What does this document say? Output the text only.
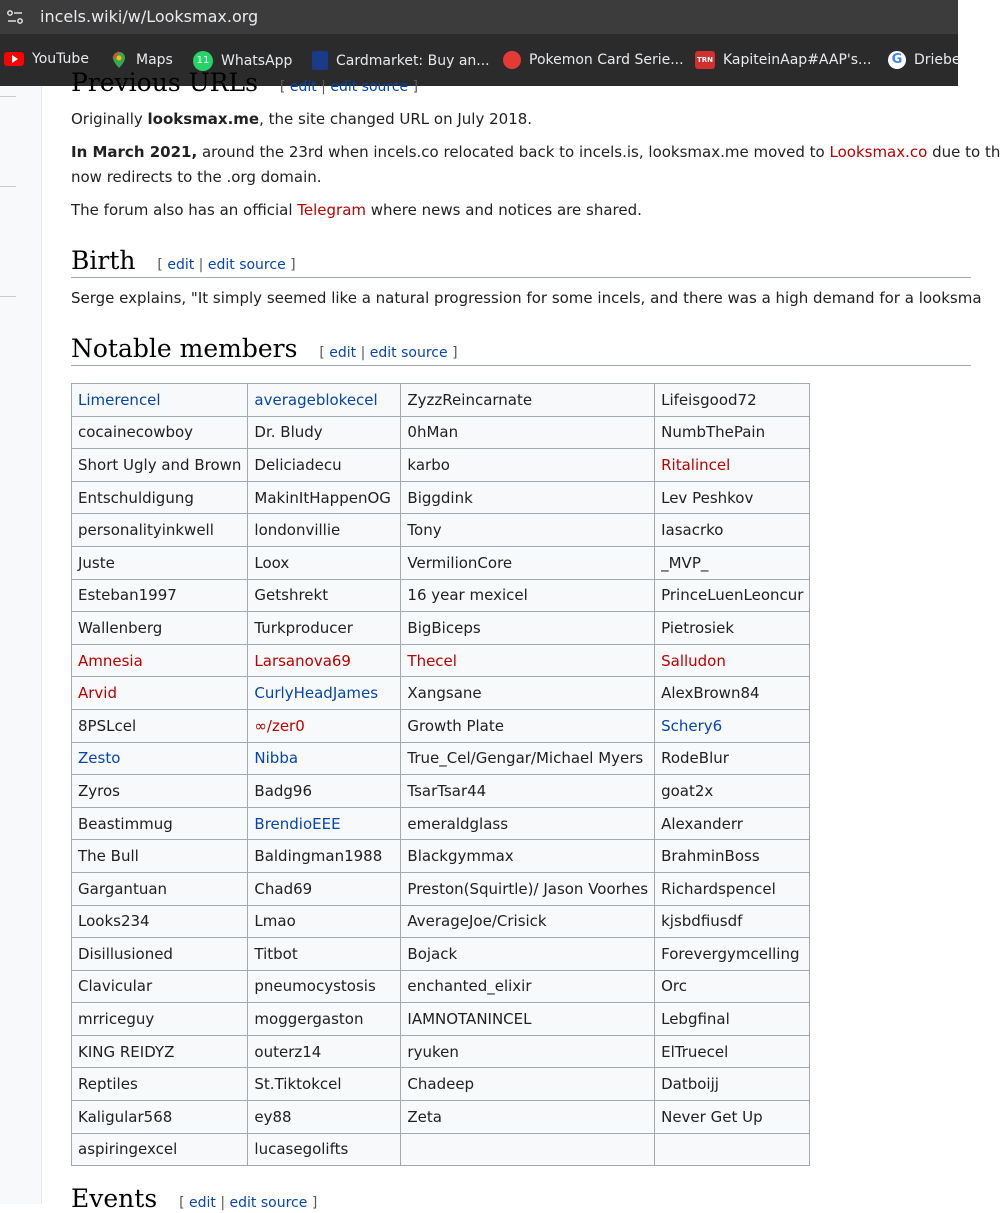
incels.wiki/w/Looksmax.org
YouTube	Maps	11 WhatsApp	Cardmarket: Buy an...	Pokemon Card Serie... TRN KapiteinAap#AAP's... G Driebe
Previous URLs [ edit | edit source ]

Originally looksmax.me, the site changed URL on July 2018.

In March 2021, around the 23rd when incels.co relocated back to incels.is, looksmax.me moved to Looksmax.co due to th

now redirects to the .org domain.

The forum also has an official Telegram where news and notices are shared.

Birth [ edit | edit source ]

Serge explains, "It simply seemed like a natural progression for some incels, and there was a high demand for a looksma

Notable members [ edit | edit source ]
Limerencel	averageblokecel	ZyzzReincarnate	Lifeisgood72
cocainecowboy	Dr. Bludy	0hMan	NumbThePain
Short Ugly and Brown	Deliciadecu	karbo	Ritalincel
Entschuldigung	MakinItHappenOG	Biggdink	Lev Peshkov
personalityinkwell	londonvillie	Tony	Iasacrko
Juste	Loox	VermilionCore	_MVP_
Esteban1997	Getshrekt	16 year mexicel	PrinceLuenLeoncur
Wallenberg	Turkproducer	BigBiceps	Pietrosiek
Amnesia	Larsanova69	Thecel	Salludon
Arvid	CurlyHeadJames	Xangsane	AlexBrown84
8PSLcel	∞/zer0	Growth Plate	Schery6
Zesto	Nibba	True_Cel/Gengar/Michael Myers	RodeBlur
Zyros	Badg96	TsarTsar44	goat2x
Beastimmug	BrendioEEE	emeraldglass	Alexanderr
The Bull	Baldingman1988	Blackgymmax	BrahminBoss
Gargantuan	Chad69	Preston(Squirtle)/ Jason Voorhes	Richardspencel
Looks234	Lmao	AverageJoe/Crisick	kjsbdfiusdf
Disillusioned	Titbot	Bojack	Forevergymcelling
Clavicular	pneumocystosis	enchanted_elixir	Orc
mrriceguy	moggergaston	IAMNOTANINCEL	Lebgfinal
KING REIDYZ	outerz14	ryuken	ElTruecel
Reptiles	St.Tiktokcel	Chadeep	Datboijj
Kaligular568	ey88	Zeta	Never Get Up
aspiringexcel	lucasegolifts		
Events [ edit | edit source ]
